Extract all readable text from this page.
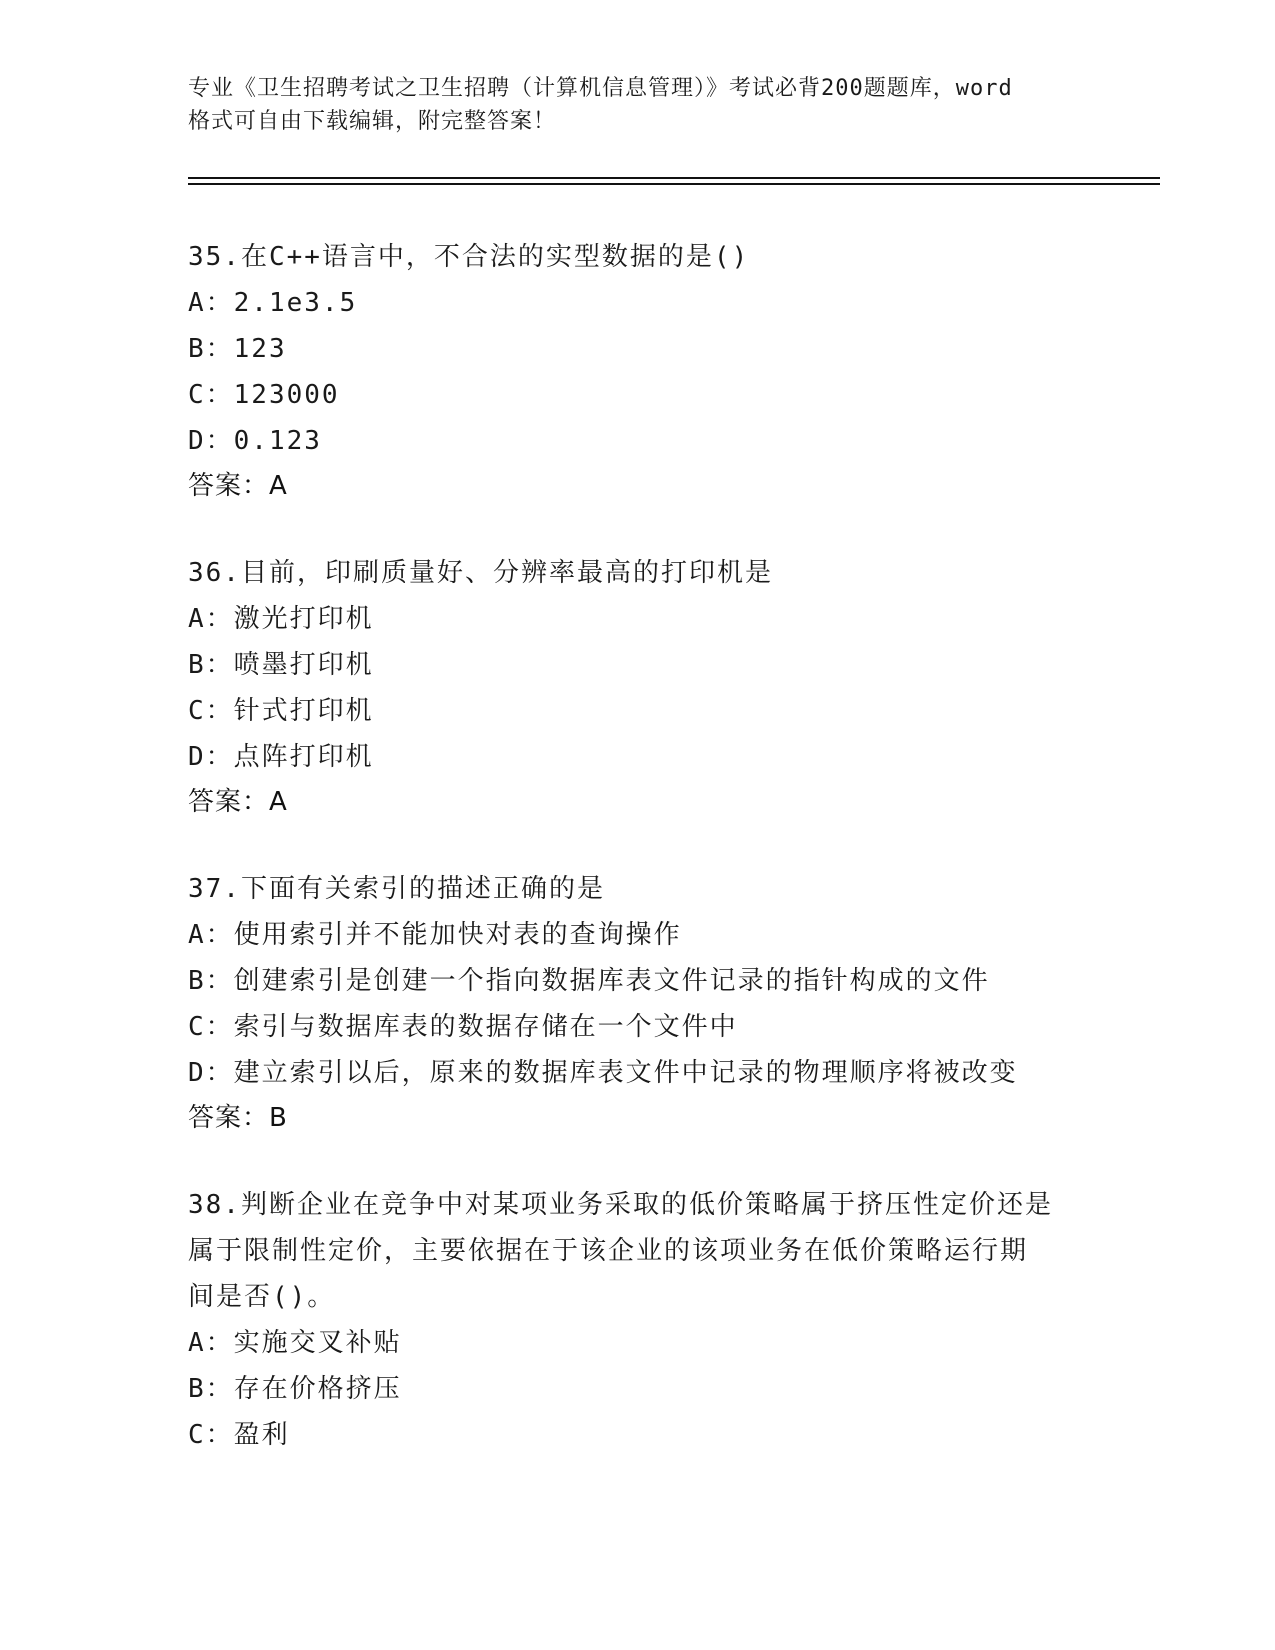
专业《卫生招聘考试之卫生招聘（计算机信息管理）》考试必背200题题库，word
格式可自由下载编辑，附完整答案！
35.在C++语言中，不合法的实型数据的是()
A：2.1e3.5
B：123
C：123000
D：0.123
答案：A
36.目前，印刷质量好、分辨率最高的打印机是
A：激光打印机
B：喷墨打印机
C：针式打印机
D：点阵打印机
答案：A
37.下面有关索引的描述正确的是
A：使用索引并不能加快对表的查询操作
B：创建索引是创建一个指向数据库表文件记录的指针构成的文件
C：索引与数据库表的数据存储在一个文件中
D：建立索引以后，原来的数据库表文件中记录的物理顺序将被改变
答案：B
38.判断企业在竞争中对某项业务采取的低价策略属于挤压性定价还是
属于限制性定价，主要依据在于该企业的该项业务在低价策略运行期
间是否()。
A：实施交叉补贴
B：存在价格挤压
C：盈利
